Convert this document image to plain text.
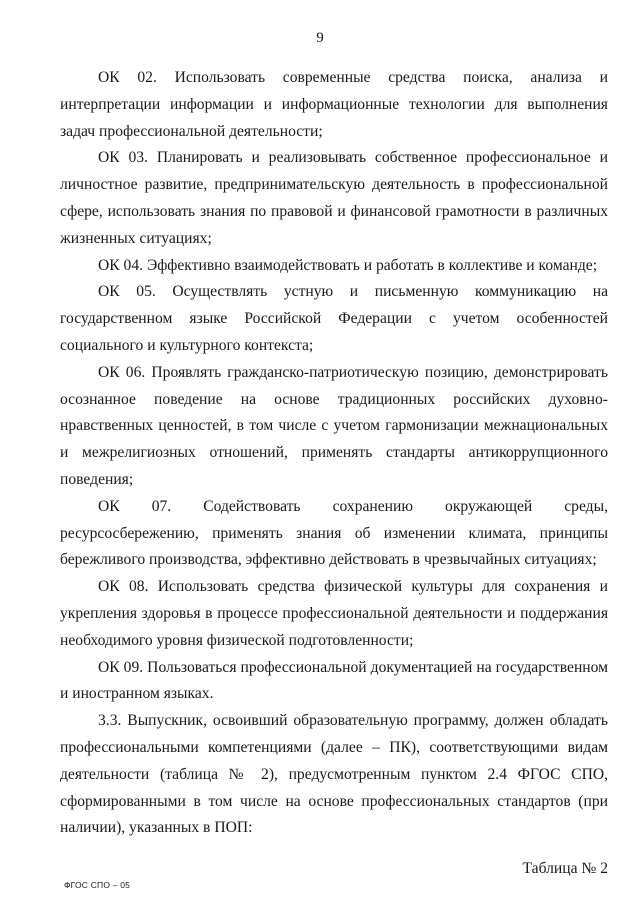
9

ОК 02. Использовать современные средства поиска, анализа и интерпретации информации и информационные технологии для выполнения задач профессиональной деятельности;

ОК 03. Планировать и реализовывать собственное профессиональное и личностное развитие, предпринимательскую деятельность в профессиональной сфере, использовать знания по правовой и финансовой грамотности в различных жизненных ситуациях;

ОК 04. Эффективно взаимодействовать и работать в коллективе и команде;

ОК 05. Осуществлять устную и письменную коммуникацию на государственном языке Российской Федерации с учетом особенностей социального и культурного контекста;

ОК 06. Проявлять гражданско-патриотическую позицию, демонстрировать осознанное поведение на основе традиционных российских духовно-нравственных ценностей, в том числе с учетом гармонизации межнациональных и межрелигиозных отношений, применять стандарты антикоррупционного поведения;

ОК 07. Содействовать сохранению окружающей среды, ресурсосбережению, применять знания об изменении климата, принципы бережливого производства, эффективно действовать в чрезвычайных ситуациях;

ОК 08. Использовать средства физической культуры для сохранения и укрепления здоровья в процессе профессиональной деятельности и поддержания необходимого уровня физической подготовленности;

ОК 09. Пользоваться профессиональной документацией на государственном и иностранном языках.

3.3. Выпускник, освоивший образовательную программу, должен обладать профессиональными компетенциями (далее – ПК), соответствующими видам деятельности (таблица № 2), предусмотренным пунктом 2.4 ФГОС СПО, сформированными в том числе на основе профессиональных стандартов (при наличии), указанных в ПОП:

Таблица № 2
ФГОС СПО – 05
